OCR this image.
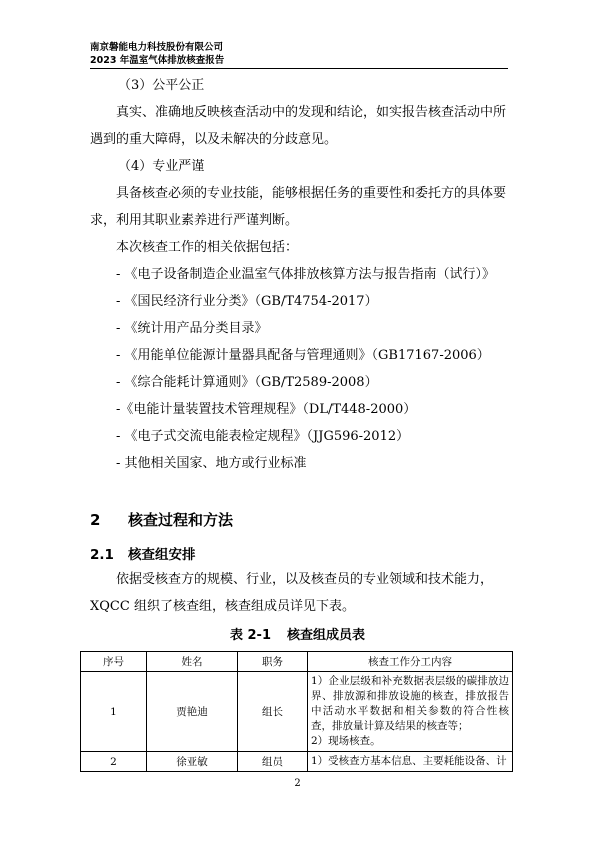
南京磐能电力科技股份有限公司
2023 年温室气体排放核查报告

（3）公平公正

真实、准确地反映核查活动中的发现和结论，如实报告核查活动中所遇到的重大障碍，以及未解决的分歧意见。

（4）专业严谨

具备核查必须的专业技能，能够根据任务的重要性和委托方的具体要求，利用其职业素养进行严谨判断。

本次核查工作的相关依据包括：

- 《电子设备制造企业温室气体排放核算方法与报告指南（试行）》

- 《国民经济行业分类》（GB/T4754-2017）

- 《统计用产品分类目录》

- 《用能单位能源计量器具配备与管理通则》（GB17167-2006）

- 《综合能耗计算通则》（GB/T2589-2008）

-《电能计量装置技术管理规程》（DL/T448-2000）

- 《电子式交流电能表检定规程》（JJG596-2012）

- 其他相关国家、地方或行业标准

2 核查过程和方法
2.1 核查组安排

依据受核查方的规模、行业，以及核查员的专业领域和技术能力，XQCC 组织了核查组，核查组成员详见下表。

表 2-1 核查组成员表
序号	姓名	职务	核查工作分工内容
1	贾艳迪	组长	1）企业层级和补充数据表层级的碳排放边界、排放源和排放设施的核查，排放报告中活动水平数据和相关参数的符合性核查，排放量计算及结果的核查等；
2）现场核查。
2	徐亚敏	组员	1）受核查方基本信息、主要耗能设备、计
2
